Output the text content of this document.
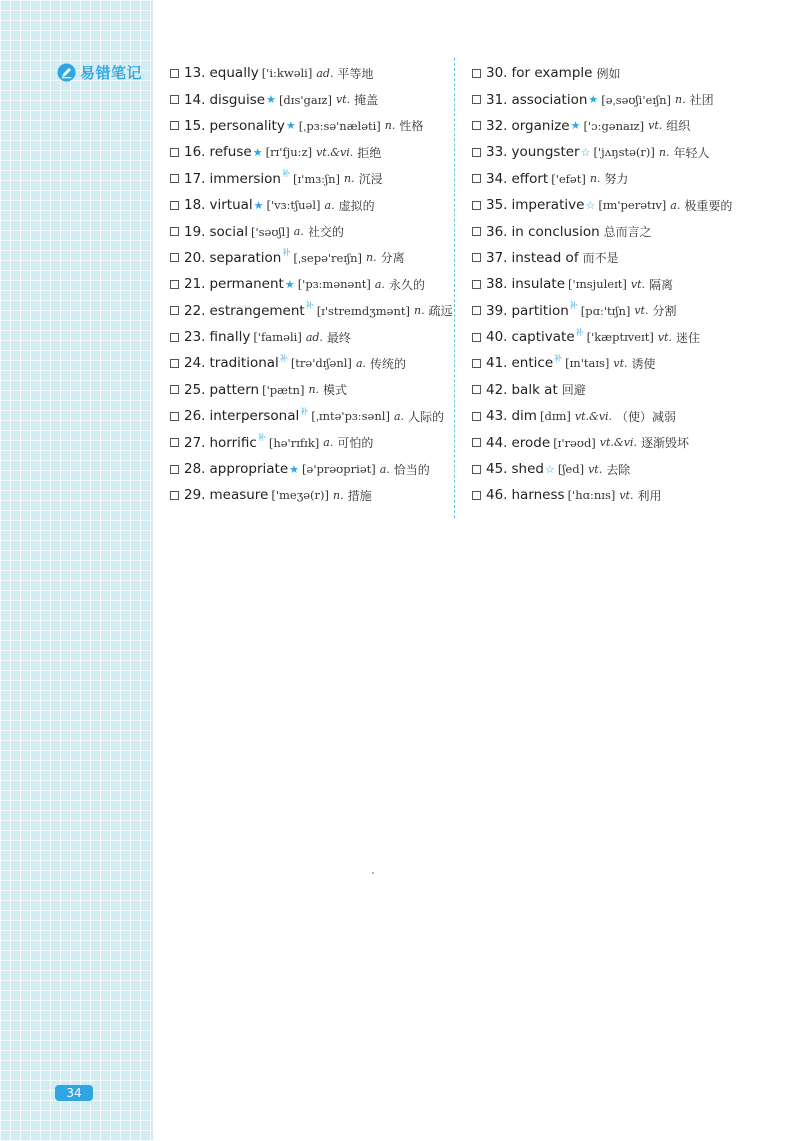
易错笔记
34
13. equally ['iːkwəli] ad. 平等地
14. disguise ★ [dɪs'gaɪz] vt. 掩盖
15. personality ★ [ˌpɜːsə'næləti] n. 性格
16. refuse ★ [rɪ'fjuːz] vt.&vi. 拒绝
17. immersion 补 [ɪ'mɜːʃn] n. 沉浸
18. virtual ★ ['vɜːtʃuəl] a. 虚拟的
19. social ['səʊʃl] a. 社交的
20. separation 补 [ˌsepə'reɪʃn] n. 分离
21. permanent ★ ['pɜːmənənt] a. 永久的
22. estrangement 补 [ɪ'streɪndʒmənt] n. 疏远
23. finally ['faɪnəli] ad. 最终
24. traditional 补 [trə'dɪʃənl] a. 传统的
25. pattern ['pætn] n. 模式
26. interpersonal 补 [ˌɪntə'pɜːsənl] a. 人际的
27. horrific 补 [hə'rɪfɪk] a. 可怕的
28. appropriate ★ [ə'prəʊpriət] a. 恰当的
29. measure ['meʒə(r)] n. 措施
30. for example 例如
31. association ★ [əˌsəʊʃi'eɪʃn] n. 社团
32. organize ★ ['ɔːgənaɪz] vt. 组织
33. youngster ☆ ['jʌŋstə(r)] n. 年轻人
34. effort ['efət] n. 努力
35. imperative ☆ [ɪm'perətɪv] a. 极重要的
36. in conclusion 总而言之
37. instead of 而不是
38. insulate ['ɪnsjuleɪt] vt. 隔离
39. partition 补 [pɑː'tɪʃn] vt. 分割
40. captivate 补 ['kæptɪveɪt] vt. 迷住
41. entice 补 [ɪn'taɪs] vt. 诱使
42. balk at 回避
43. dim [dɪm] vt.&vi. （使）减弱
44. erode [ɪ'rəʊd] vt.&vi. 逐渐毁坏
45. shed ☆ [ʃed] vt. 去除
46. harness ['hɑːnɪs] vt. 利用
